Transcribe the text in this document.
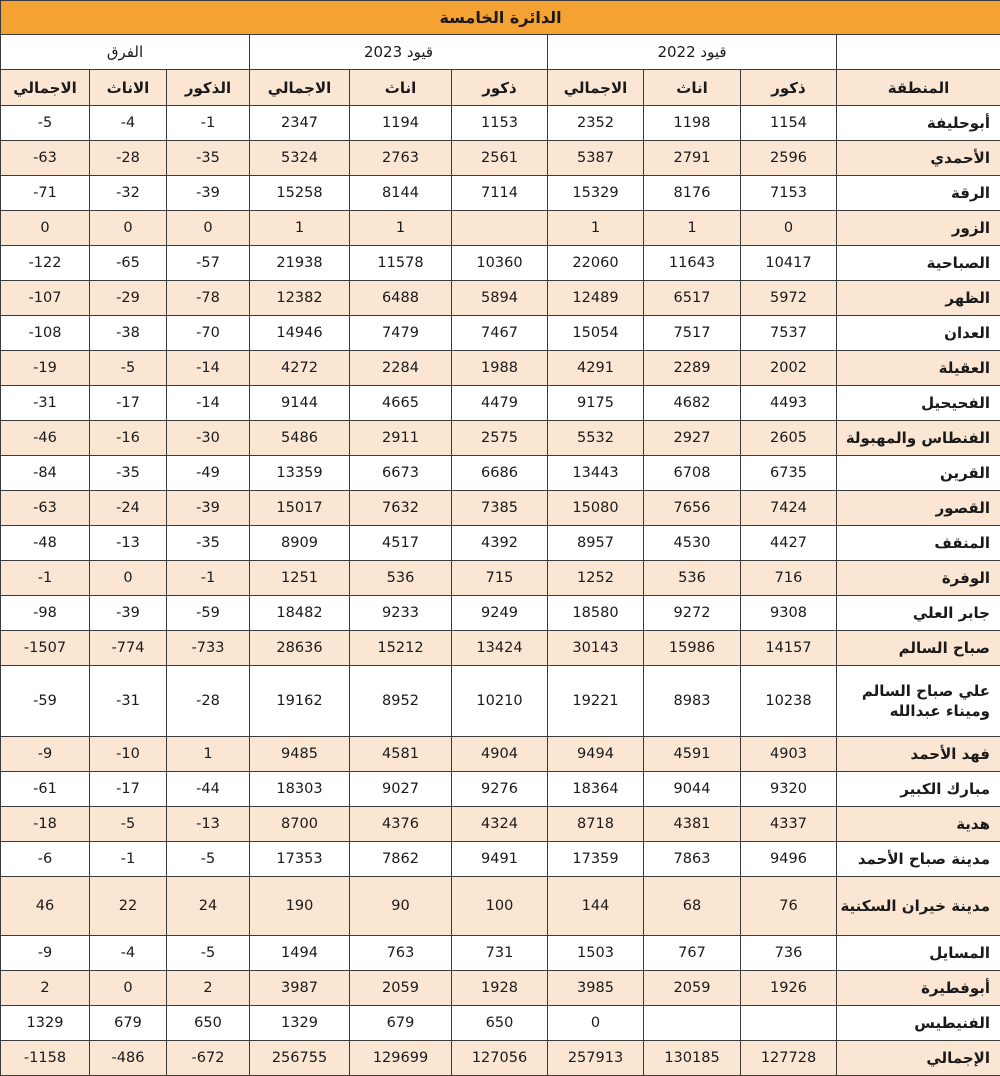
الدائرة الخامسة									
	قيود 2022			قيود 2023			الفرق		
المنطقة	ذكور	اناث	الاجمالي	ذكور	اناث	الاجمالي	الذكور	الاناث	الاجمالي
أبوحليفة	1154	1198	2352	1153	1194	2347	1-	4-	5-
الأحمدي	2596	2791	5387	2561	2763	5324	35-	28-	63-
الرقة	7153	8176	15329	7114	8144	15258	39-	32-	71-
الزور	0	1	1		1	1	0	0	0
الصباحية	10417	11643	22060	10360	11578	21938	57-	65-	122-
الظهر	5972	6517	12489	5894	6488	12382	78-	29-	107-
العدان	7537	7517	15054	7467	7479	14946	70-	38-	108-
العقيلة	2002	2289	4291	1988	2284	4272	14-	5-	19-
الفحيحيل	4493	4682	9175	4479	4665	9144	14-	17-	31-
الفنطاس والمهبولة	2605	2927	5532	2575	2911	5486	30-	16-	46-
القرين	6735	6708	13443	6686	6673	13359	49-	35-	84-
القصور	7424	7656	15080	7385	7632	15017	39-	24-	63-
المنقف	4427	4530	8957	4392	4517	8909	35-	13-	48-
الوفرة	716	536	1252	715	536	1251	1-	0	1-
جابر العلي	9308	9272	18580	9249	9233	18482	59-	39-	98-
صباح السالم	14157	15986	30143	13424	15212	28636	733-	774-	1507-
علي صباح السالم وميناء عبدالله	10238	8983	19221	10210	8952	19162	28-	31-	59-
فهد الأحمد	4903	4591	9494	4904	4581	9485	1	10-	9-
مبارك الكبير	9320	9044	18364	9276	9027	18303	44-	17-	61-
هدية	4337	4381	8718	4324	4376	8700	13-	5-	18-
مدينة صباح الأحمد	9496	7863	17359	9491	7862	17353	5-	1-	6-
مدينة خيران السكنية	76	68	144	100	90	190	24	22	46
المسايل	736	767	1503	731	763	1494	5-	4-	9-
أبوفطيرة	1926	2059	3985	1928	2059	3987	2	0	2
الفنيطيس			0	650	679	1329	650	679	1329
الإجمالي	127728	130185	257913	127056	129699	256755	672-	486-	1158-
